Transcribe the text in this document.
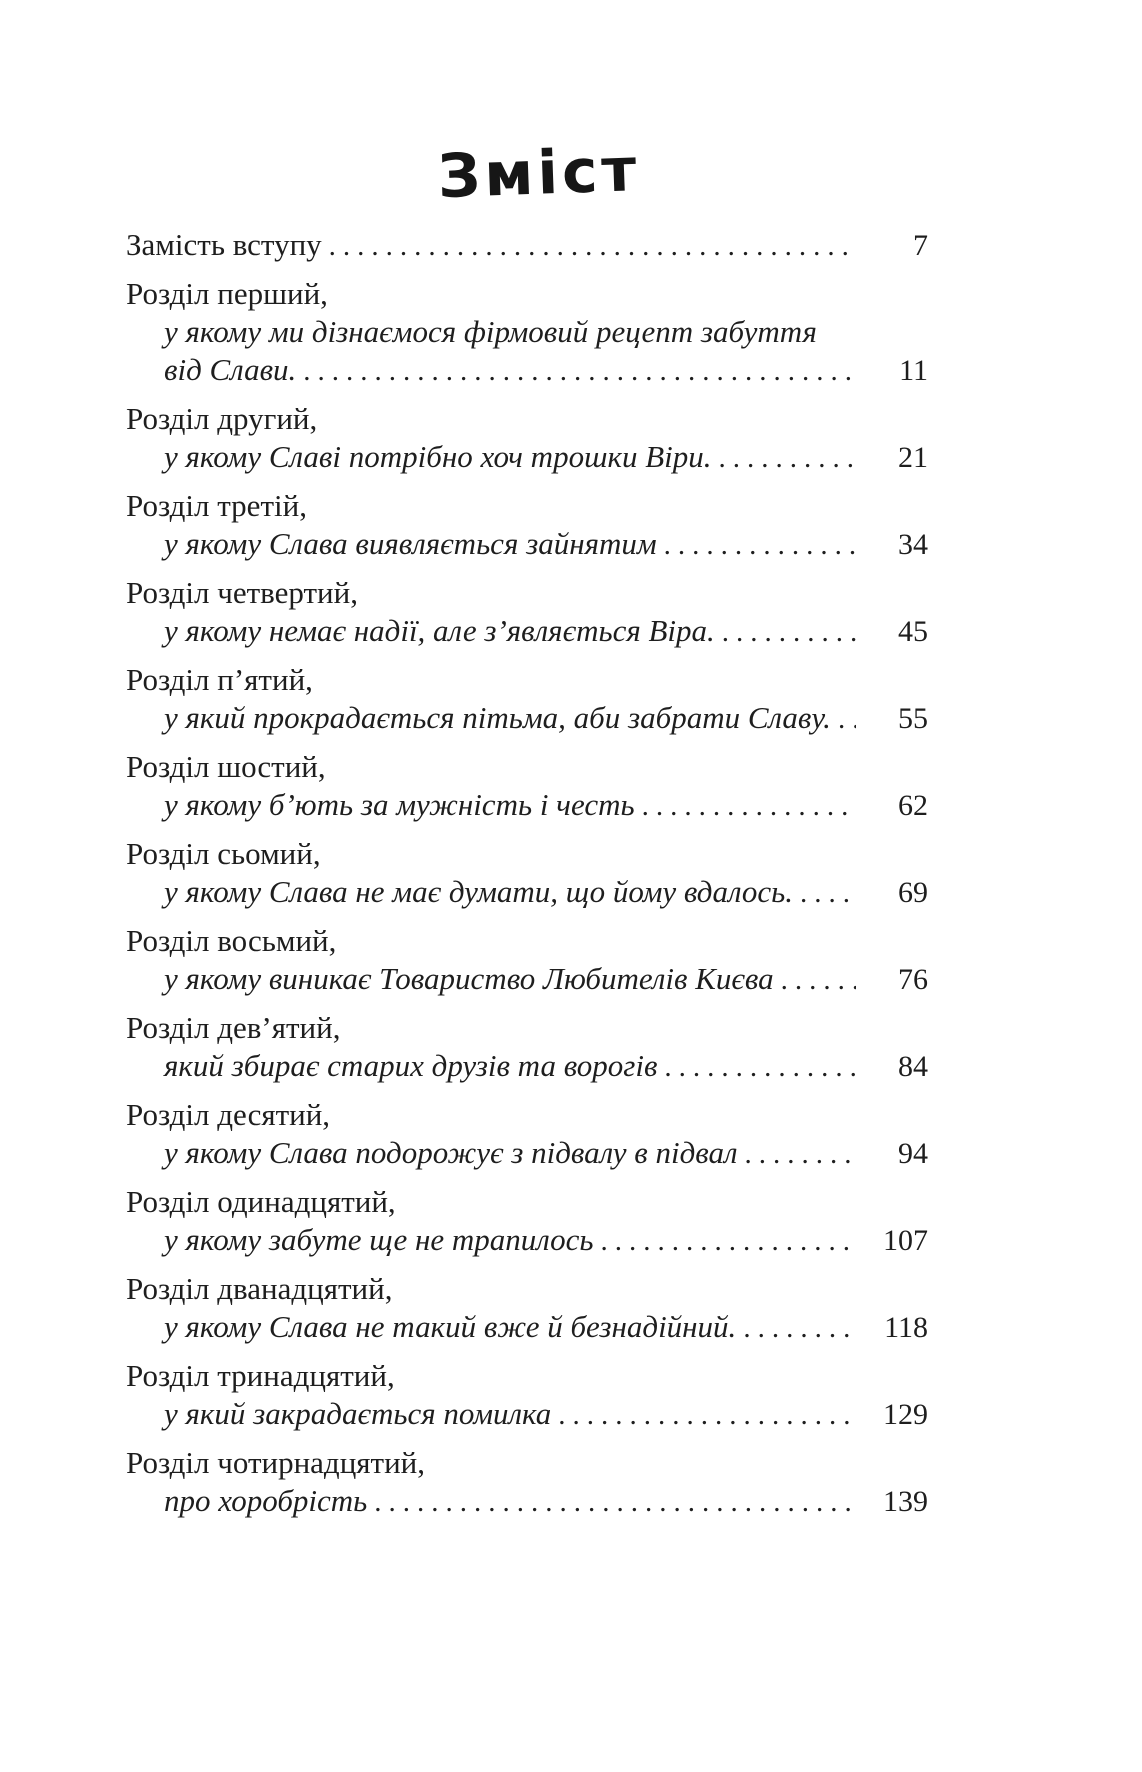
Зміст
Замість вступу .....	7
Розділ перший,
у якому ми дізнаємося фірмовий рецепт забуття
від Слави. .....	11
Розділ другий,
у якому Славі потрібно хоч трошки Віри. .....	21
Розділ третій,
у якому Слава виявляється зайнятим .....	34
Розділ четвертий,
у якому немає надії, але з’являється Віра. .....	45
Розділ п’ятий,
у який прокрадається пітьма, аби забрати Славу. .....	55
Розділ шостий,
у якому б’ють за мужність і честь .....	62
Розділ сьомий,
у якому Слава не має думати, що йому вдалось. .....	69
Розділ восьмий,
у якому виникає Товариство Любителів Києва .....	76
Розділ дев’ятий,
який збирає старих друзів та ворогів .....	84
Розділ десятий,
у якому Слава подорожує з підвалу в підвал .....	94
Розділ одинадцятий,
у якому забуте ще не трапилось .....	107
Розділ дванадцятий,
у якому Слава не такий вже й безнадійний. .....	118
Розділ тринадцятий,
у який закрадається помилка .....	129
Розділ чотирнадцятий,
про хоробрість .....	139
